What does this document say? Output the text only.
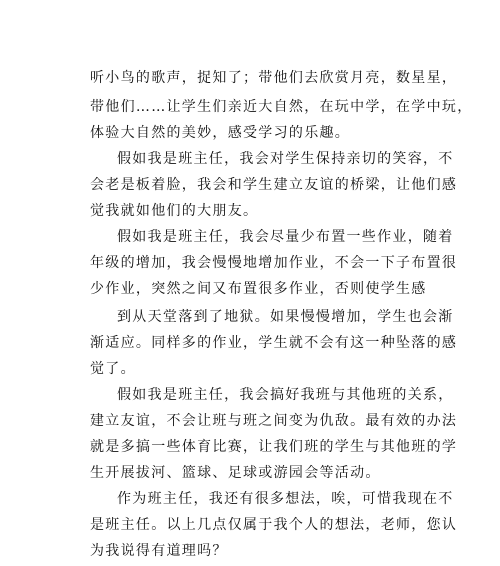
听小鸟的歌声，捉知了；带他们去欣赏月亮，数星星，
带他们……让学生们亲近大自然，在玩中学，在学中玩，
体验大自然的美妙，感受学习的乐趣。
假如我是班主任，我会对学生保持亲切的笑容，不
会老是板着脸，我会和学生建立友谊的桥梁，让他们感
觉我就如他们的大朋友。
假如我是班主任，我会尽量少布置一些作业，随着
年级的增加，我会慢慢地增加作业，不会一下子布置很
少作业，突然之间又布置很多作业，否则使学生感
到从天堂落到了地狱。如果慢慢增加，学生也会渐
渐适应。同样多的作业，学生就不会有这一种坠落的感
觉了。
假如我是班主任，我会搞好我班与其他班的关系，
建立友谊，不会让班与班之间变为仇敌。最有效的办法
就是多搞一些体育比赛，让我们班的学生与其他班的学
生开展拔河、篮球、足球或游园会等活动。
作为班主任，我还有很多想法，唉，可惜我现在不
是班主任。以上几点仅属于我个人的想法，老师，您认
为我说得有道理吗？
